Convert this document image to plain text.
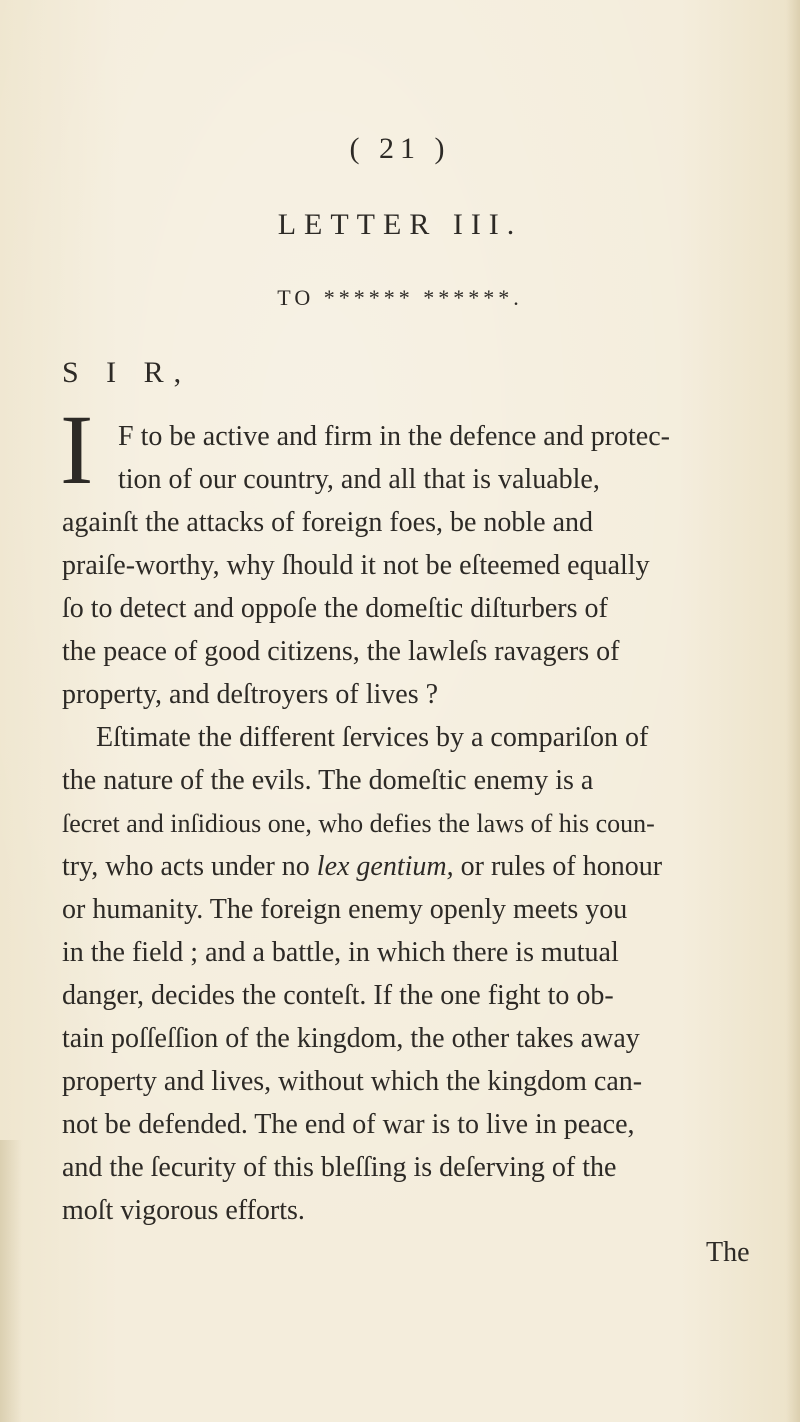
( 21 )
LETTER III.
TO ****** ******.
S I R,
I F to be active and firm in the defence and protec-
tion of our country, and all that is valuable,
againſt the attacks of foreign foes, be noble and
praiſe-worthy, why ſhould it not be eſteemed equally
ſo to detect and oppoſe the domeſtic diſturbers of
the peace of good citizens, the lawleſs ravagers of
property, and deſtroyers of lives ?
Eſtimate the different ſervices by a compariſon of
the nature of the evils. The domeſtic enemy is a
ſecret and inſidious one, who defies the laws of his coun-
try, who acts under no lex gentium, or rules of honour
or humanity. The foreign enemy openly meets you
in the field ; and a battle, in which there is mutual
danger, decides the conteſt. If the one fight to ob-
tain poſſeſſion of the kingdom, the other takes away
property and lives, without which the kingdom can-
not be defended. The end of war is to live in peace,
and the ſecurity of this bleſſing is deſerving of the
moſt vigorous efforts.
The
